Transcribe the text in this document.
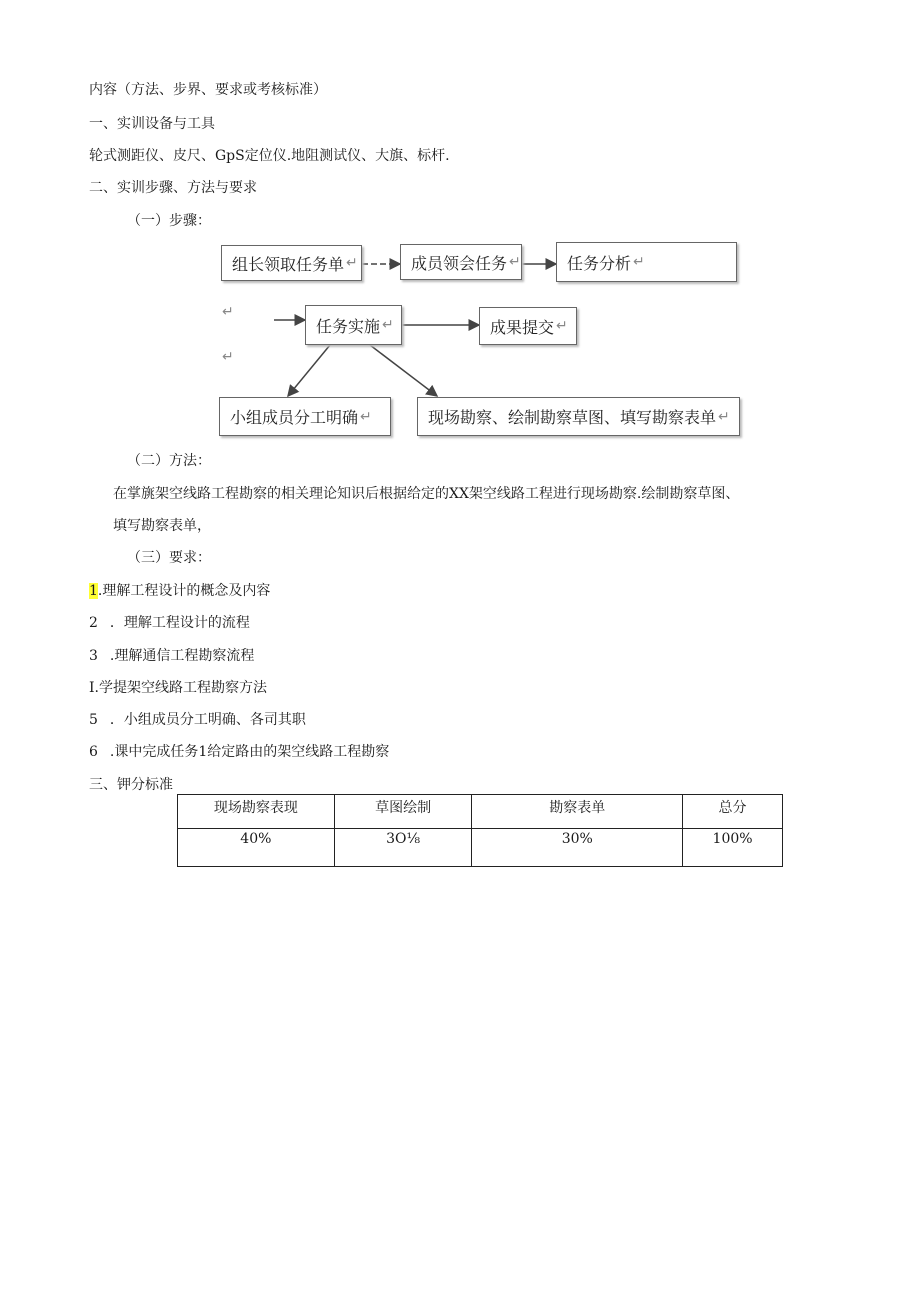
内容（方法、步界、要求或考核标准）
一、实训设备与工具
轮式测距仪、皮尺、GpS定位仪.地阻测试仪、大旗、标杆.
二、实训步骤、方法与要求
（一）步骤：
组长领取任务单 ↵	成员领会任务 ↵	任务分析 ↵
↵
任务实施 ↵	成果提交 ↵
↵
小组成员分工明确 ↵	现场勘察、绘制勘察草图、填写勘察表单 ↵
（二）方法：
在掌旐架空线路工程勘察的相关理论知识后根据给定的XX架空线路工程进行现场勘察.绘制勘察草图、
填写勘察表单，
（三）要求：
1.理解工程设计的概念及内容
2 ．理解工程设计的流程
3 .理解通信工程勘察流程
I.学提架空线路工程勘察方法
5 ．小组成员分工明确、各司其职
6 .课中完成任务1给定路由的架空线路工程勘察
三、钾分标准
现场勘察表现	草图绘制	勘察表单	总分
40%	3O⅛	30%	100%
